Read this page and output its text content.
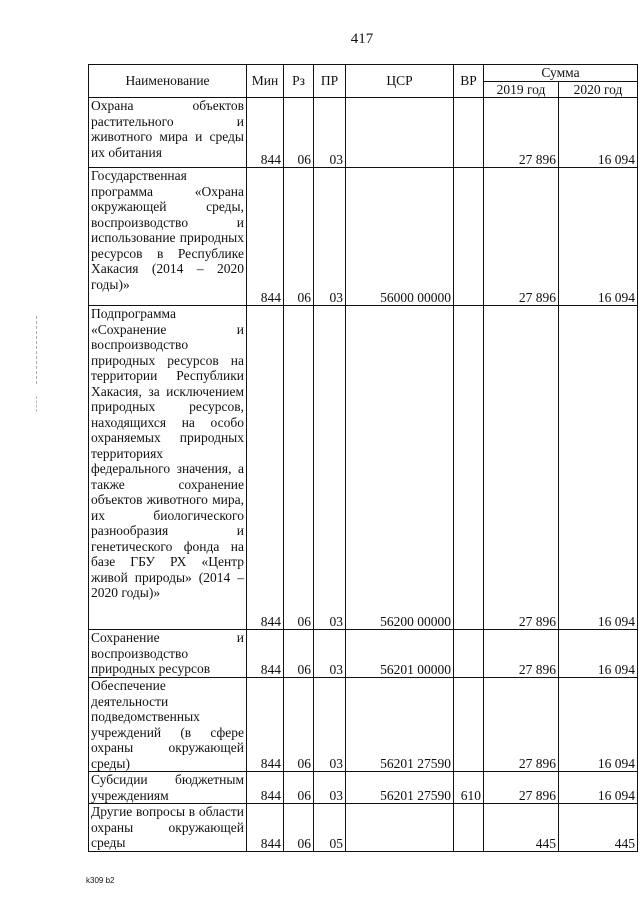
417
Наименование	Мин	Рз	ПР	ЦСР	ВР	Сумма	
						2019 год	2020 год
Охрана объектов растительного и животного мира и среды их обитания	844	06	03			27 896	16 094
Государственная программа «Охрана окружающей среды, воспроизводство и использование природных ресурсов в Республике Хакасия (2014 – 2020 годы)»	844	06	03	56000 00000		27 896	16 094
Подпрограмма «Сохранение и воспроизводство природных ресурсов на территории Республики Хакасия, за исключением природных ресурсов, находящихся на особо охраняемых природных территориях федерального значения, а также сохранение объектов животного мира, их биологического разнообразия и генетического фонда на базе ГБУ РХ «Центр живой природы» (2014 – 2020 годы)»	844	06	03	56200 00000		27 896	16 094
Сохранение и воспроизводство природных ресурсов	844	06	03	56201 00000		27 896	16 094
Обеспечение деятельности подведомственных учреждений (в сфере охраны окружающей среды)	844	06	03	56201 27590		27 896	16 094
Субсидии бюджетным учреждениям	844	06	03	56201 27590	610	27 896	16 094
Другие вопросы в области охраны окружающей среды	844	06	05			445	445
k309 b2
